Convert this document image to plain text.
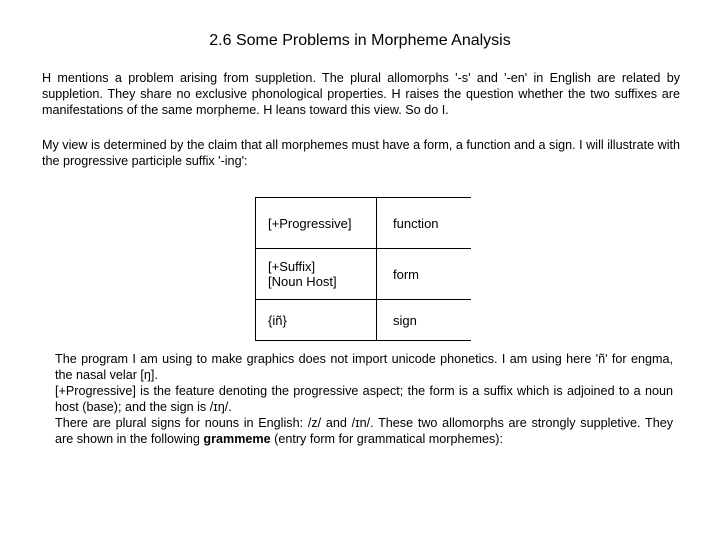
2.6 Some Problems in Morpheme Analysis
H mentions a problem arising from suppletion. The plural allomorphs '-s' and '-en' in English are related by suppletion. They share no exclusive phonological properties. H raises the question whether the two suffixes are manifestations of the same morpheme. H leans toward this view. So do I.
My view is determined by the claim that all morphemes must have a form, a function and a sign. I will illustrate with the progressive participle suffix '-ing':
[+Progressive]	function
[+Suffix]
[Noun Host]	form
{iñ}	sign
The program I am using to make graphics does not import unicode phonetics. I am using here 'ñ' for engma, the nasal velar [ŋ].
[+Progressive] is the feature denoting the progressive aspect; the form is a suffix which is adjoined to a noun host (base); and the sign is /ɪŋ/.
There are plural signs for nouns in English: /z/ and /ɪn/. These two allomorphs are strongly suppletive. They are shown in the following grammeme (entry form for grammatical morphemes):
